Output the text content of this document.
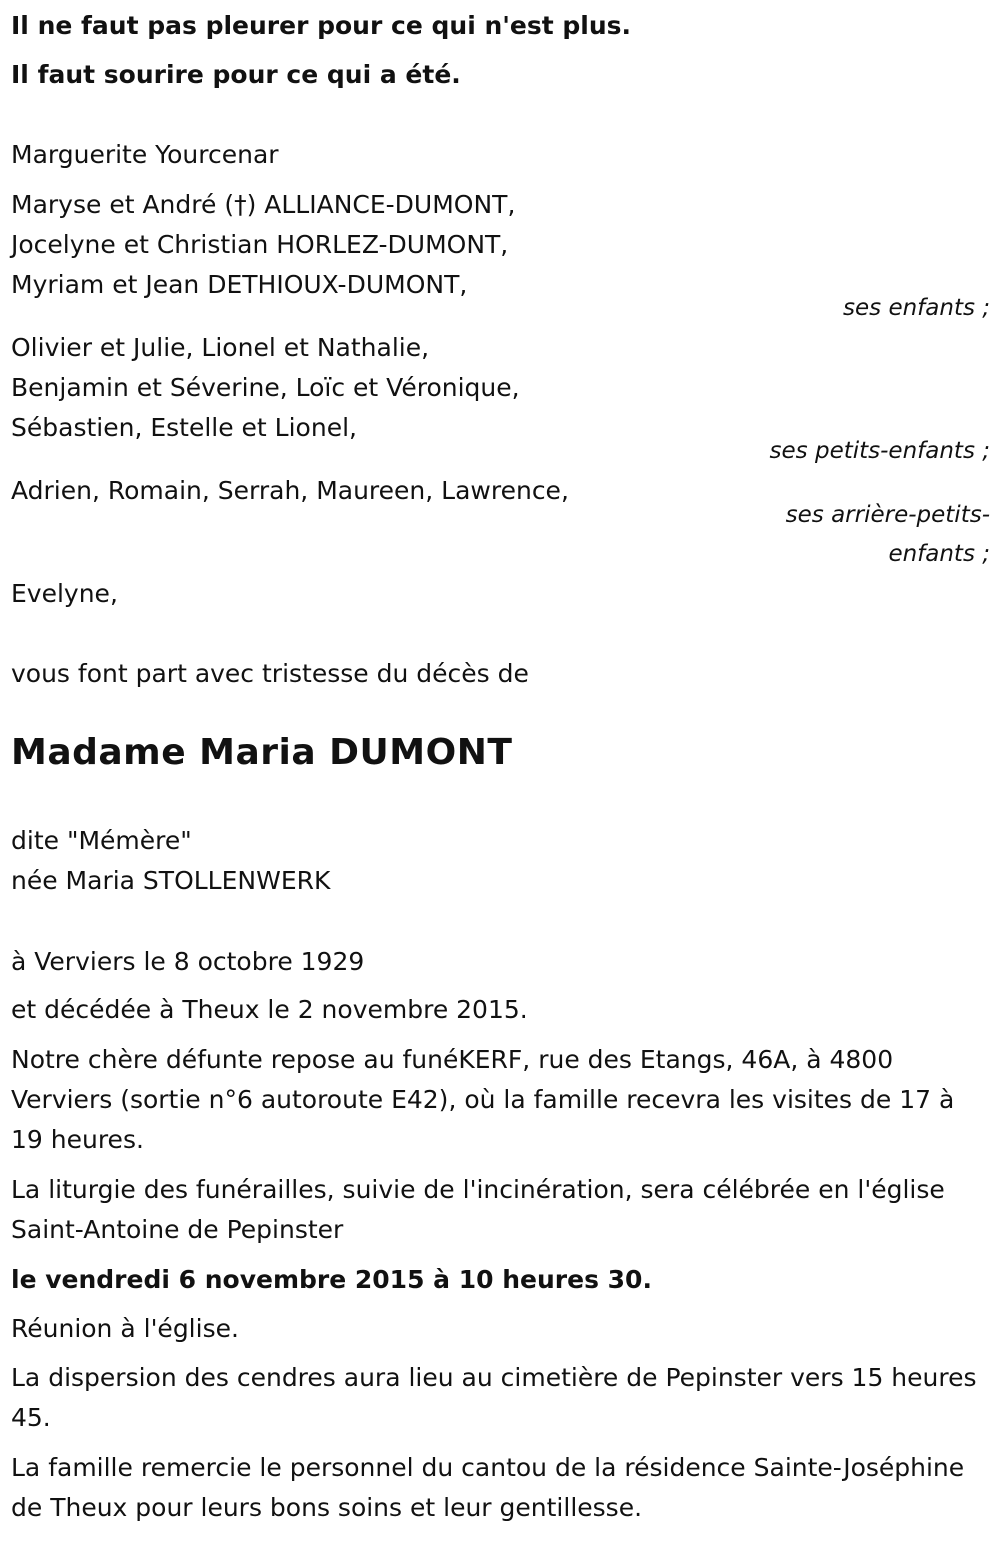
Il ne faut pas pleurer pour ce qui n'est plus.
Il faut sourire pour ce qui a été.
Marguerite Yourcenar
Maryse et André (†) ALLIANCE-DUMONT,
Jocelyne et Christian HORLEZ-DUMONT,
Myriam et Jean DETHIOUX-DUMONT,
ses enfants ;
Olivier et Julie, Lionel et Nathalie,
Benjamin et Séverine, Loïc et Véronique,
Sébastien, Estelle et Lionel,
ses petits-enfants ;
Adrien, Romain, Serrah, Maureen, Lawrence,
ses arrière-petits-
enfants ;
Evelyne,
vous font part avec tristesse du décès de
Madame Maria DUMONT
dite "Mémère"
née Maria STOLLENWERK
à Verviers le 8 octobre 1929
et décédée à Theux le 2 novembre 2015.
Notre chère défunte repose au funéKERF, rue des Etangs, 46A, à 4800 Verviers (sortie n°6 autoroute E42), où la famille recevra les visites de 17 à 19 heures.
La liturgie des funérailles, suivie de l'incinération, sera célébrée en l'église Saint-Antoine de Pepinster
le vendredi 6 novembre 2015 à 10 heures 30.
Réunion à l'église.
La dispersion des cendres aura lieu au cimetière de Pepinster vers 15 heures 45.
La famille remercie le personnel du cantou de la résidence Sainte-Joséphine de Theux pour leurs bons soins et leur gentillesse.
